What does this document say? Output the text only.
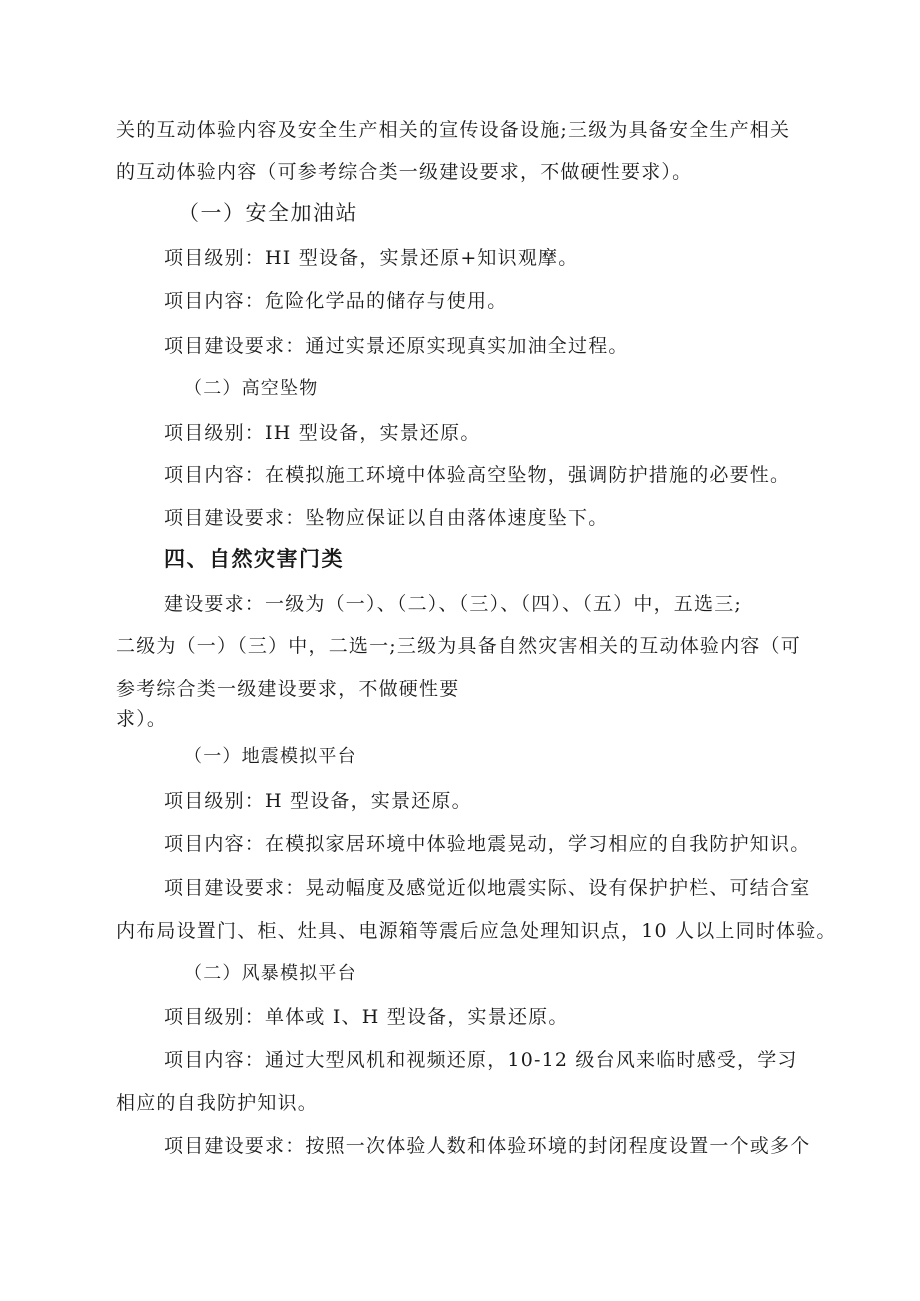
关的互动体验内容及安全生产相关的宣传设备设施;三级为具备安全生产相关

的互动体验内容（可参考综合类一级建设要求，不做硬性要求）。

（一）安全加油站

项目级别：HI 型设备，实景还原+知识观摩。

项目内容：危险化学品的储存与使用。

项目建设要求：通过实景还原实现真实加油全过程。

（二）高空坠物

项目级别：IH 型设备，实景还原。

项目内容：在模拟施工环境中体验高空坠物，强调防护措施的必要性。

项目建设要求：坠物应保证以自由落体速度坠下。

四、自然灾害门类

建设要求：一级为（一）、（二）、（三）、（四）、（五）中，五选三;

二级为（一）（三）中，二选一;三级为具备自然灾害相关的互动体验内容（可

参考综合类一级建设要求，不做硬性要

求）。

（一）地震模拟平台

项目级别：H 型设备，实景还原。

项目内容：在模拟家居环境中体验地震晃动，学习相应的自我防护知识。

项目建设要求：晃动幅度及感觉近似地震实际、设有保护护栏、可结合室

内布局设置门、柜、灶具、电源箱等震后应急处理知识点，10 人以上同时体验。

（二）风暴模拟平台

项目级别：单体或 I、H 型设备，实景还原。

项目内容：通过大型风机和视频还原，10-12 级台风来临时感受，学习

相应的自我防护知识。

项目建设要求：按照一次体验人数和体验环境的封闭程度设置一个或多个
